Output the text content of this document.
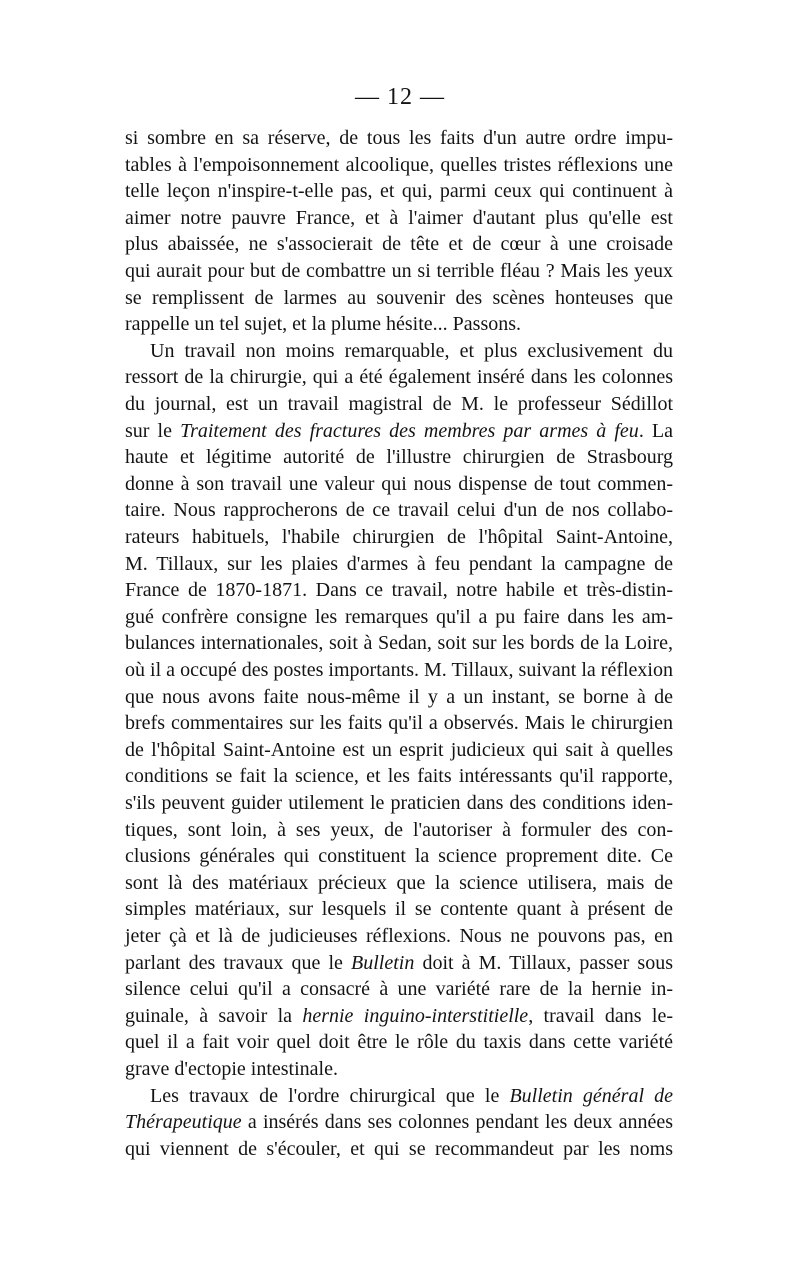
— 12 —
si sombre en sa réserve, de tous les faits d'un autre ordre impu-
tables à l'empoisonnement alcoolique, quelles tristes réflexions une
telle leçon n'inspire-t-elle pas, et qui, parmi ceux qui continuent à
aimer notre pauvre France, et à l'aimer d'autant plus qu'elle est
plus abaissée, ne s'associerait de tête et de cœur à une croisade
qui aurait pour but de combattre un si terrible fléau ? Mais les yeux
se remplissent de larmes au souvenir des scènes honteuses que
rappelle un tel sujet, et la plume hésite... Passons.
Un travail non moins remarquable, et plus exclusivement du
ressort de la chirurgie, qui a été également inséré dans les colonnes
du journal, est un travail magistral de M. le professeur Sédillot
sur le Traitement des fractures des membres par armes à feu. La
haute et légitime autorité de l'illustre chirurgien de Strasbourg
donne à son travail une valeur qui nous dispense de tout commen-
taire. Nous rapprocherons de ce travail celui d'un de nos collabo-
rateurs habituels, l'habile chirurgien de l'hôpital Saint-Antoine,
M. Tillaux, sur les plaies d'armes à feu pendant la campagne de
France de 1870-1871. Dans ce travail, notre habile et très-distin-
gué confrère consigne les remarques qu'il a pu faire dans les am-
bulances internationales, soit à Sedan, soit sur les bords de la Loire,
où il a occupé des postes importants. M. Tillaux, suivant la réflexion
que nous avons faite nous-même il y a un instant, se borne à de
brefs commentaires sur les faits qu'il a observés. Mais le chirurgien
de l'hôpital Saint-Antoine est un esprit judicieux qui sait à quelles
conditions se fait la science, et les faits intéressants qu'il rapporte,
s'ils peuvent guider utilement le praticien dans des conditions iden-
tiques, sont loin, à ses yeux, de l'autoriser à formuler des con-
clusions générales qui constituent la science proprement dite. Ce
sont là des matériaux précieux que la science utilisera, mais de
simples matériaux, sur lesquels il se contente quant à présent de
jeter çà et là de judicieuses réflexions. Nous ne pouvons pas, en
parlant des travaux que le Bulletin doit à M. Tillaux, passer sous
silence celui qu'il a consacré à une variété rare de la hernie in-
guinale, à savoir la hernie inguino-interstitielle, travail dans le-
quel il a fait voir quel doit être le rôle du taxis dans cette variété
grave d'ectopie intestinale.
Les travaux de l'ordre chirurgical que le Bulletin général de
Thérapeutique a insérés dans ses colonnes pendant les deux années
qui viennent de s'écouler, et qui se recommandeut par les noms
